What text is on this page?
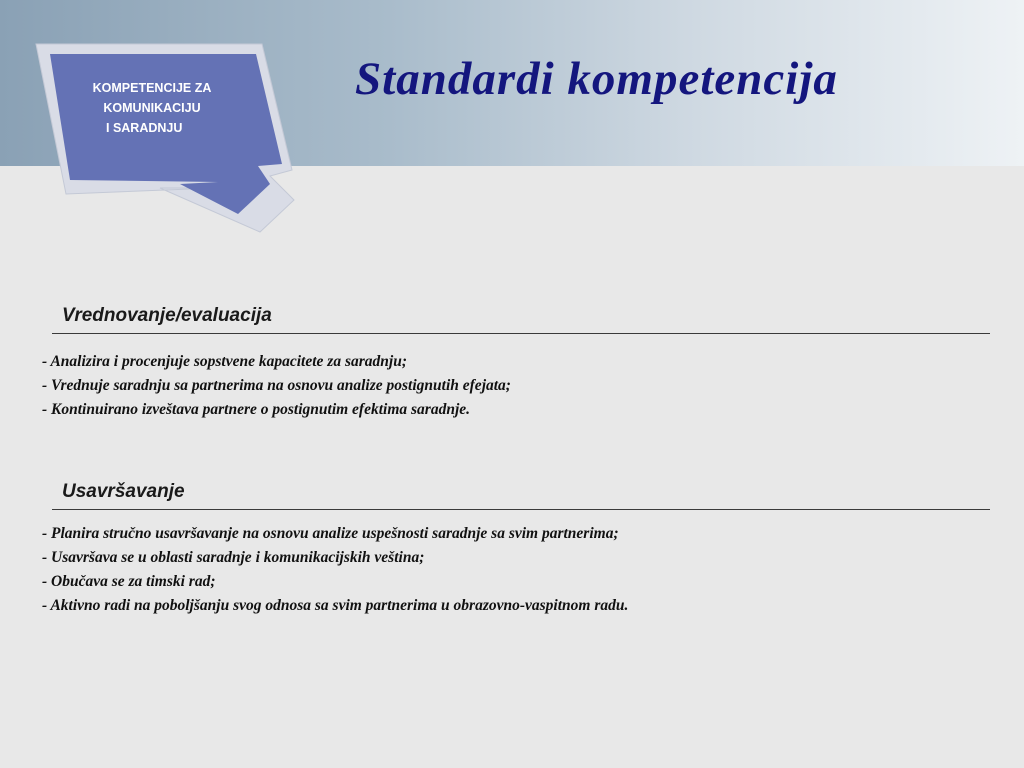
KOMPETENCIJE ZA
KOMUNIKACIJU
I SARADNJU
Standardi kompetencija
Vrednovanje/evaluacija
- Analizira i procenjuje sopstvene kapacitete za saradnju;
- Vrednuje saradnju sa partnerima na osnovu analize postignutih efejata;
- Kontinuirano izveštava partnere o postignutim efektima saradnje.
Usavršavanje
- Planira stručno usavršavanje na osnovu analize uspešnosti saradnje sa svim partnerima;
- Usavršava se u oblasti saradnje i komunikacijskih veština;
- Obučava se za timski rad;
- Aktivno radi na poboljšanju svog odnosa sa svim partnerima u obrazovno-vaspitnom radu.
